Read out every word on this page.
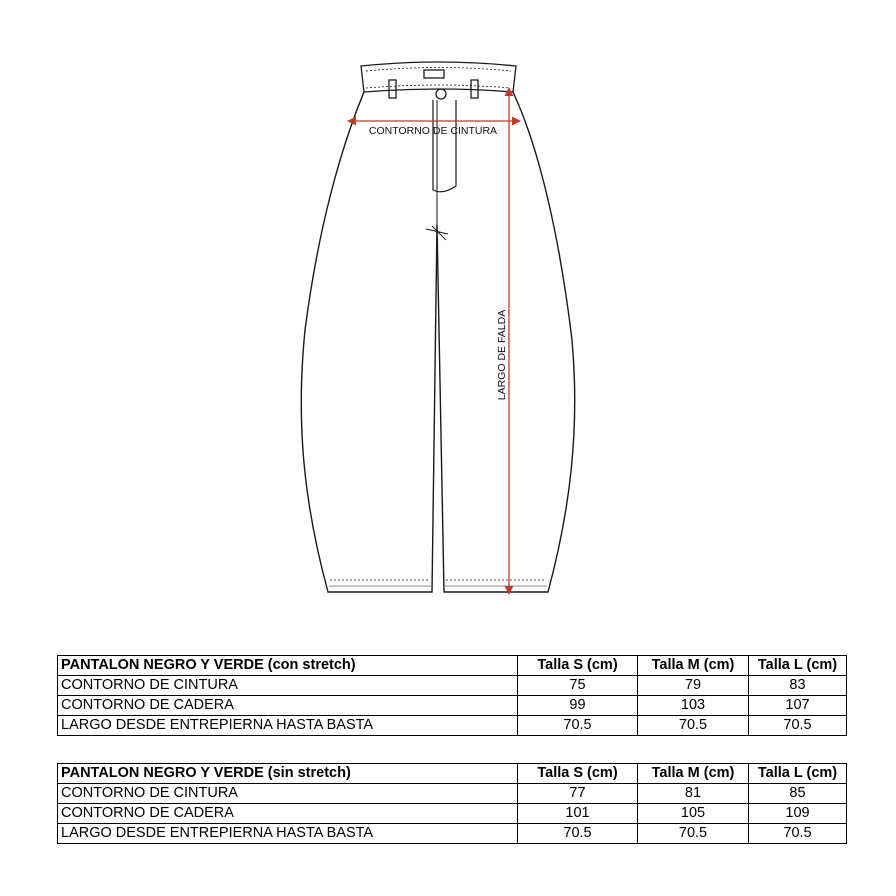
CONTORNO DE CINTURA
LARGO DE FALDA
PANTALON NEGRO Y VERDE (con stretch)	Talla S (cm)	Talla M (cm)	Talla L (cm)
CONTORNO DE CINTURA	75	79	83
CONTORNO DE CADERA	99	103	107
LARGO DESDE ENTREPIERNA HASTA BASTA	70.5	70.5	70.5
PANTALON NEGRO Y VERDE (sin stretch)	Talla S (cm)	Talla M (cm)	Talla L (cm)
CONTORNO DE CINTURA	77	81	85
CONTORNO DE CADERA	101	105	109
LARGO DESDE ENTREPIERNA HASTA BASTA	70.5	70.5	70.5
